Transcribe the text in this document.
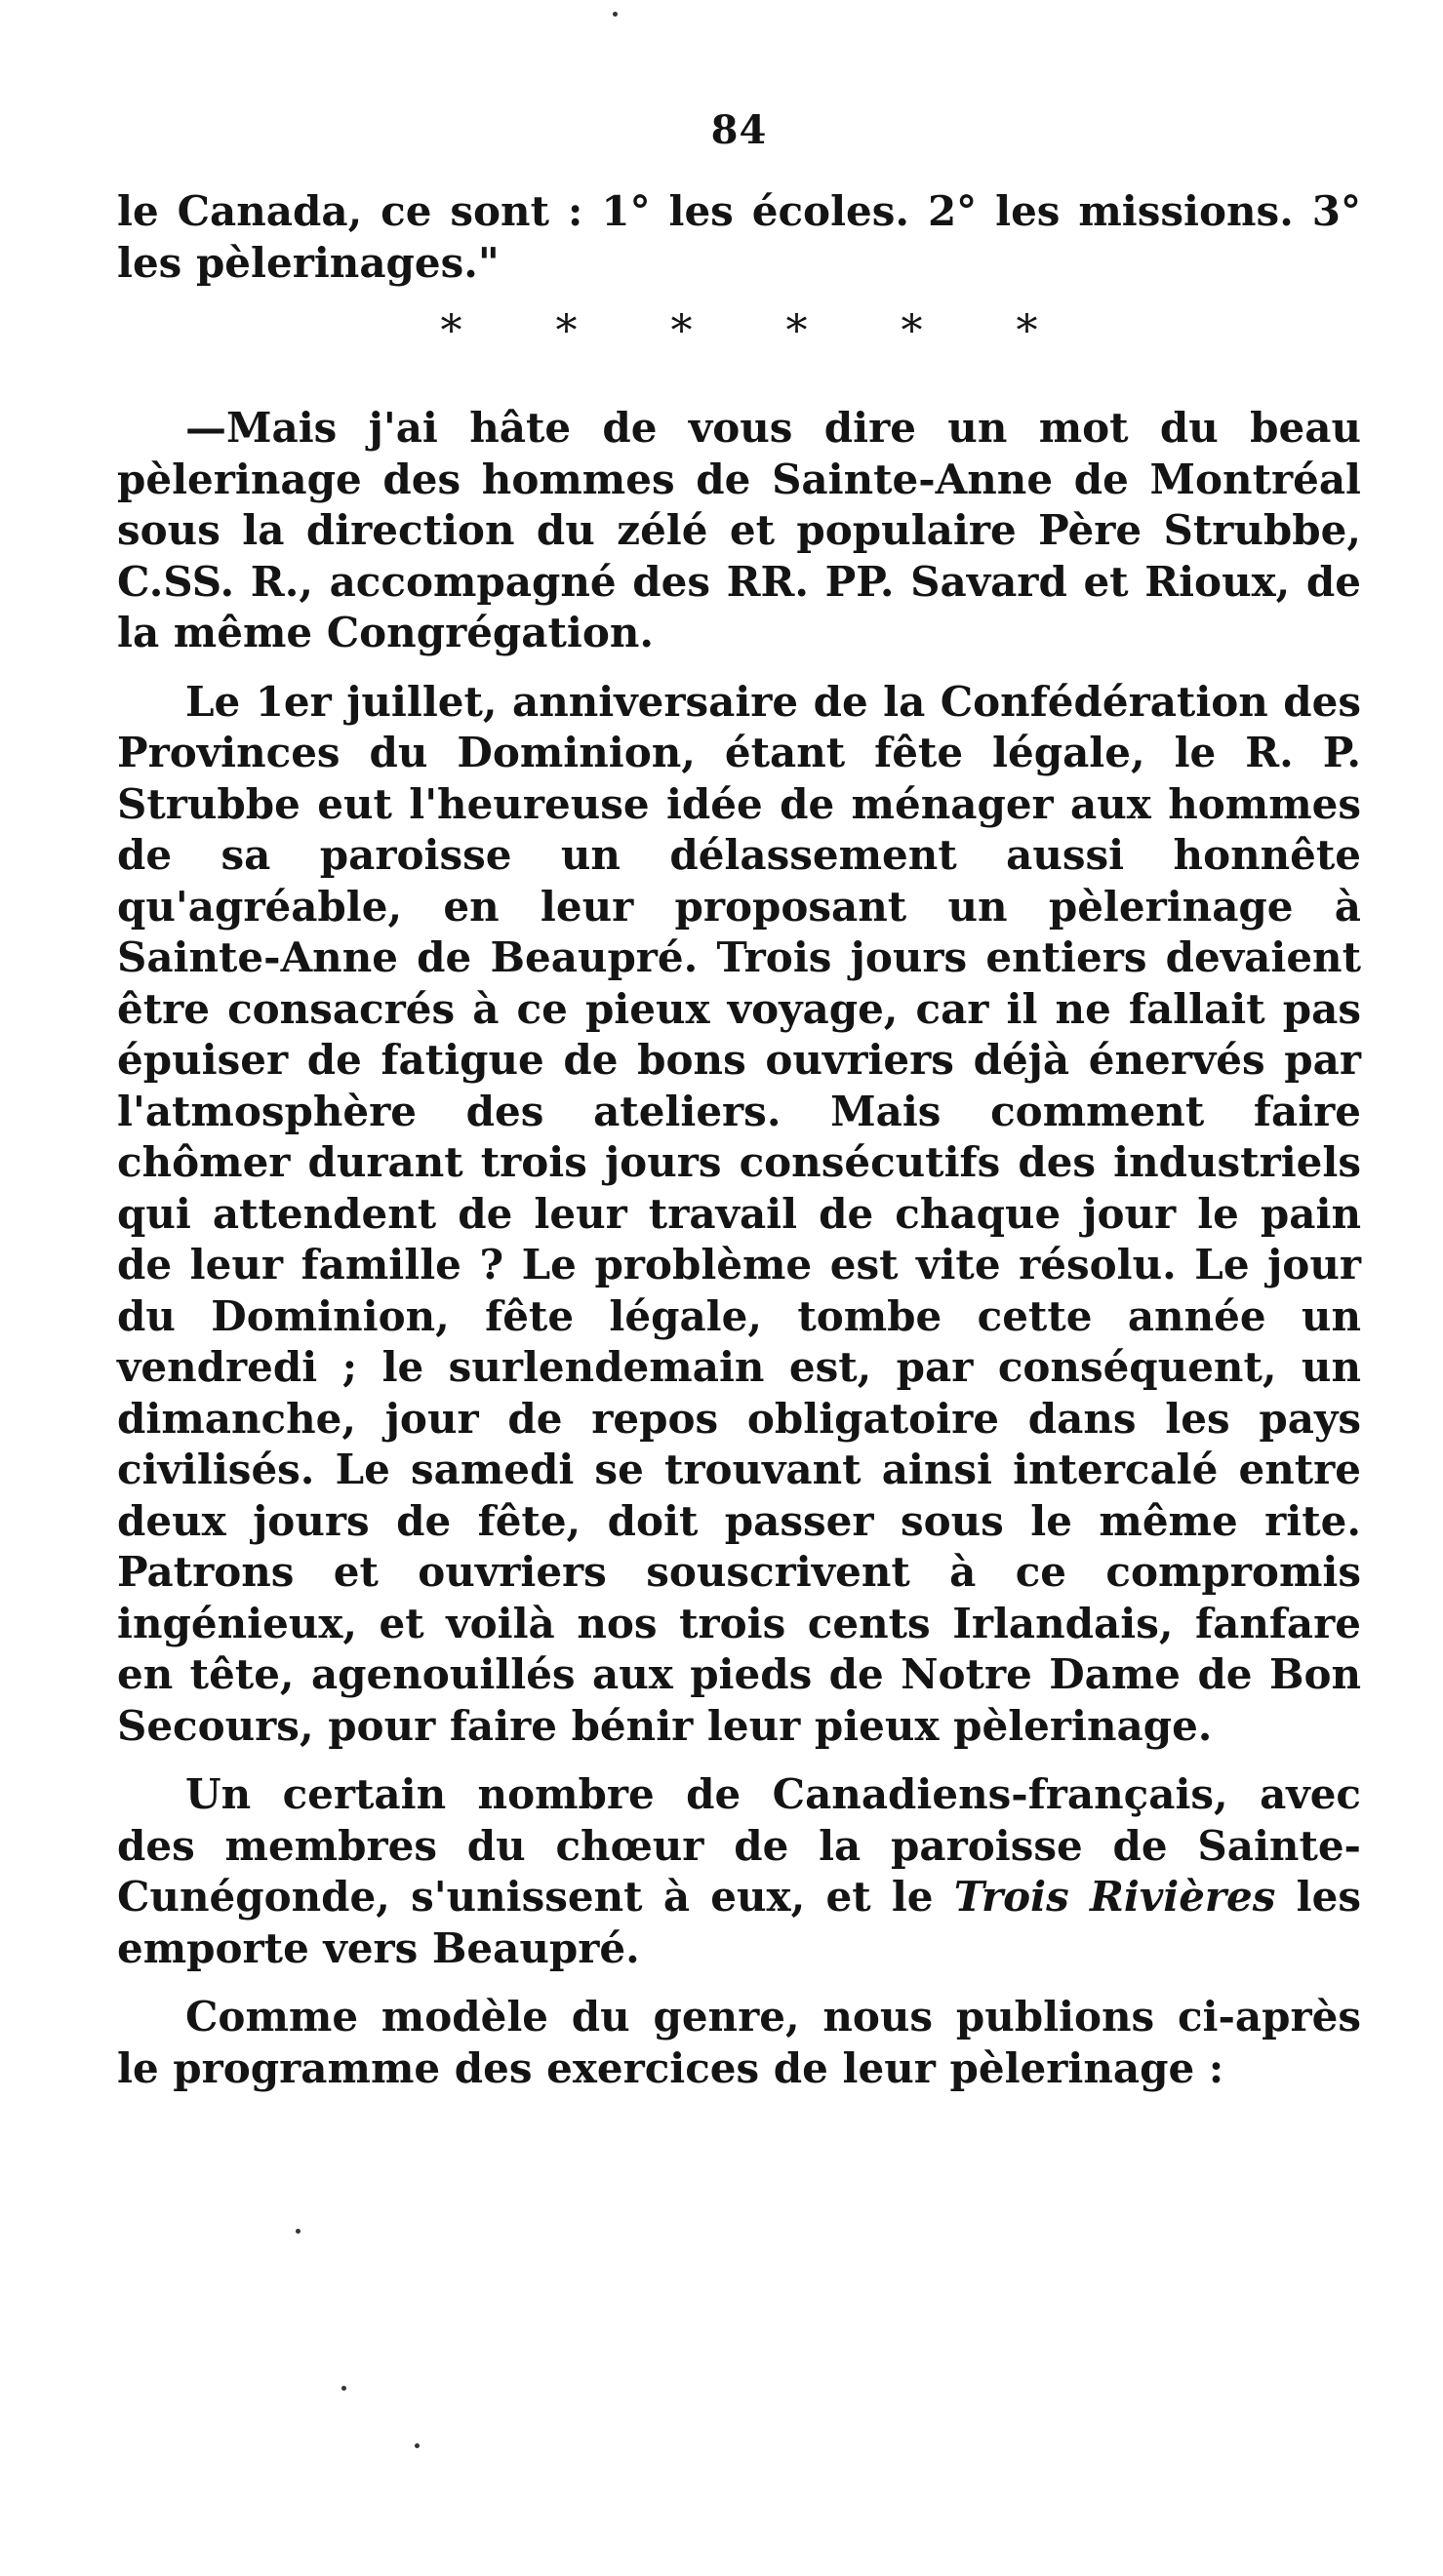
84

le Canada, ce sont : 1° les écoles. 2° les missions. 3° les pèlerinages."

* * * * * *

—Mais j'ai hâte de vous dire un mot du beau pèlerinage des hommes de Sainte-Anne de Montréal sous la direction du zélé et populaire Père Strubbe, C.SS. R., accompagné des RR. PP. Savard et Rioux, de la même Congrégation.

Le 1er juillet, anniversaire de la Confédération des Provinces du Dominion, étant fête légale, le R. P. Strubbe eut l'heureuse idée de ménager aux hommes de sa paroisse un délassement aussi honnête qu'agréable, en leur proposant un pèlerinage à Sainte-Anne de Beaupré. Trois jours entiers devaient être consacrés à ce pieux voyage, car il ne fallait pas épuiser de fatigue de bons ouvriers déjà énervés par l'atmosphère des ateliers. Mais comment faire chômer durant trois jours consécutifs des industriels qui attendent de leur travail de chaque jour le pain de leur famille ? Le problème est vite résolu. Le jour du Dominion, fête légale, tombe cette année un vendredi ; le surlendemain est, par conséquent, un dimanche, jour de repos obligatoire dans les pays civilisés. Le samedi se trouvant ainsi intercalé entre deux jours de fête, doit passer sous le même rite. Patrons et ouvriers souscrivent à ce compromis ingénieux, et voilà nos trois cents Irlandais, fanfare en tête, agenouillés aux pieds de Notre Dame de Bon Secours, pour faire bénir leur pieux pèlerinage.

Un certain nombre de Canadiens-français, avec des membres du chœur de la paroisse de Sainte-Cunégonde, s'unissent à eux, et le Trois Rivières les emporte vers Beaupré.

Comme modèle du genre, nous publions ci-après le programme des exercices de leur pèlerinage :
